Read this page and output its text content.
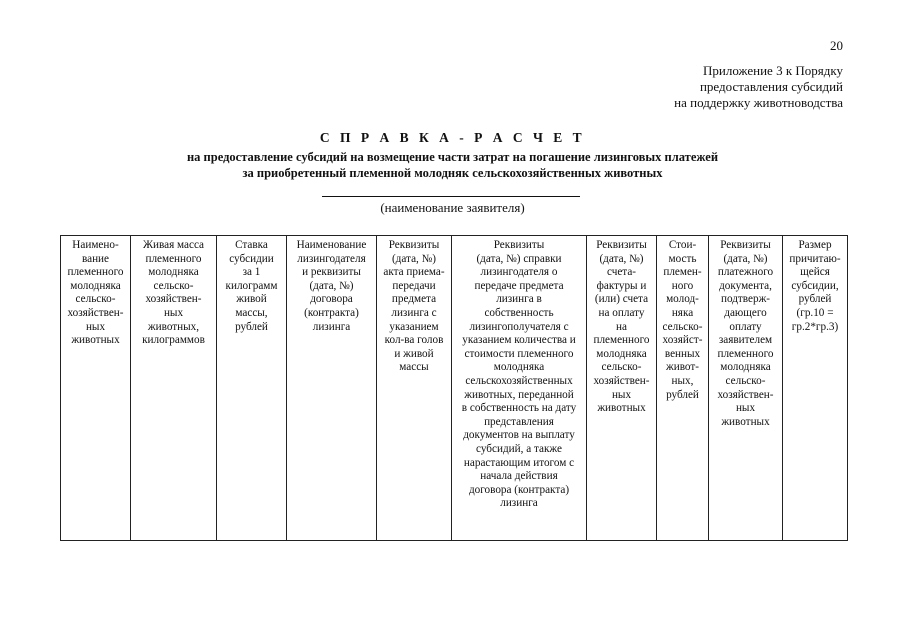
20
Приложение 3 к Порядку
предоставления субсидий
на поддержку животноводства
С П Р А В К А - Р А С Ч Е Т
на предоставление субсидий на возмещение части затрат на погашение лизинговых платежей
за приобретенный племенной молодняк сельскохозяйственных животных
(наименование заявителя)
Наимено-
вание
племенного
молодняка
сельско-
хозяйствен-
ных
животных

Живая масса
племенного
молодняка
сельско-
хозяйствен-
ных
животных,
килограммов

Ставка
субсидии
за 1
килограмм
живой
массы,
рублей

Наименование
лизингодателя
и реквизиты
(дата, №)
договора
(контракта)
лизинга

Реквизиты
(дата, №)
акта приема-
передачи
предмета
лизинга с
указанием
кол-ва голов
и живой
массы

Реквизиты
(дата, №) справки
лизингодателя о
передаче предмета
лизинга в
собственность
лизингополучателя с
указанием количества и
стоимости племенного
молодняка
сельскохозяйственных
животных, переданной
в собственность на дату
представления
документов на выплату
субсидий, а также
нарастающим итогом с
начала действия
договора (контракта)
лизинга

Реквизиты
(дата, №)
счета-
фактуры и
(или) счета
на оплату
на
племенного
молодняка
сельско-
хозяйствен-
ных
животных

Стои-
мость
племен-
ного
молод-
няка
сельско-
хозяйст-
венных
живот-
ных,
рублей

Реквизиты
(дата, №)
платежного
документа,
подтверж-
дающего
оплату
заявителем
племенного
молодняка
сельско-
хозяйствен-
ных
животных

Размер
причитаю-
щейся
субсидии,
рублей
(гр.10 =
гр.2*гр.3)
